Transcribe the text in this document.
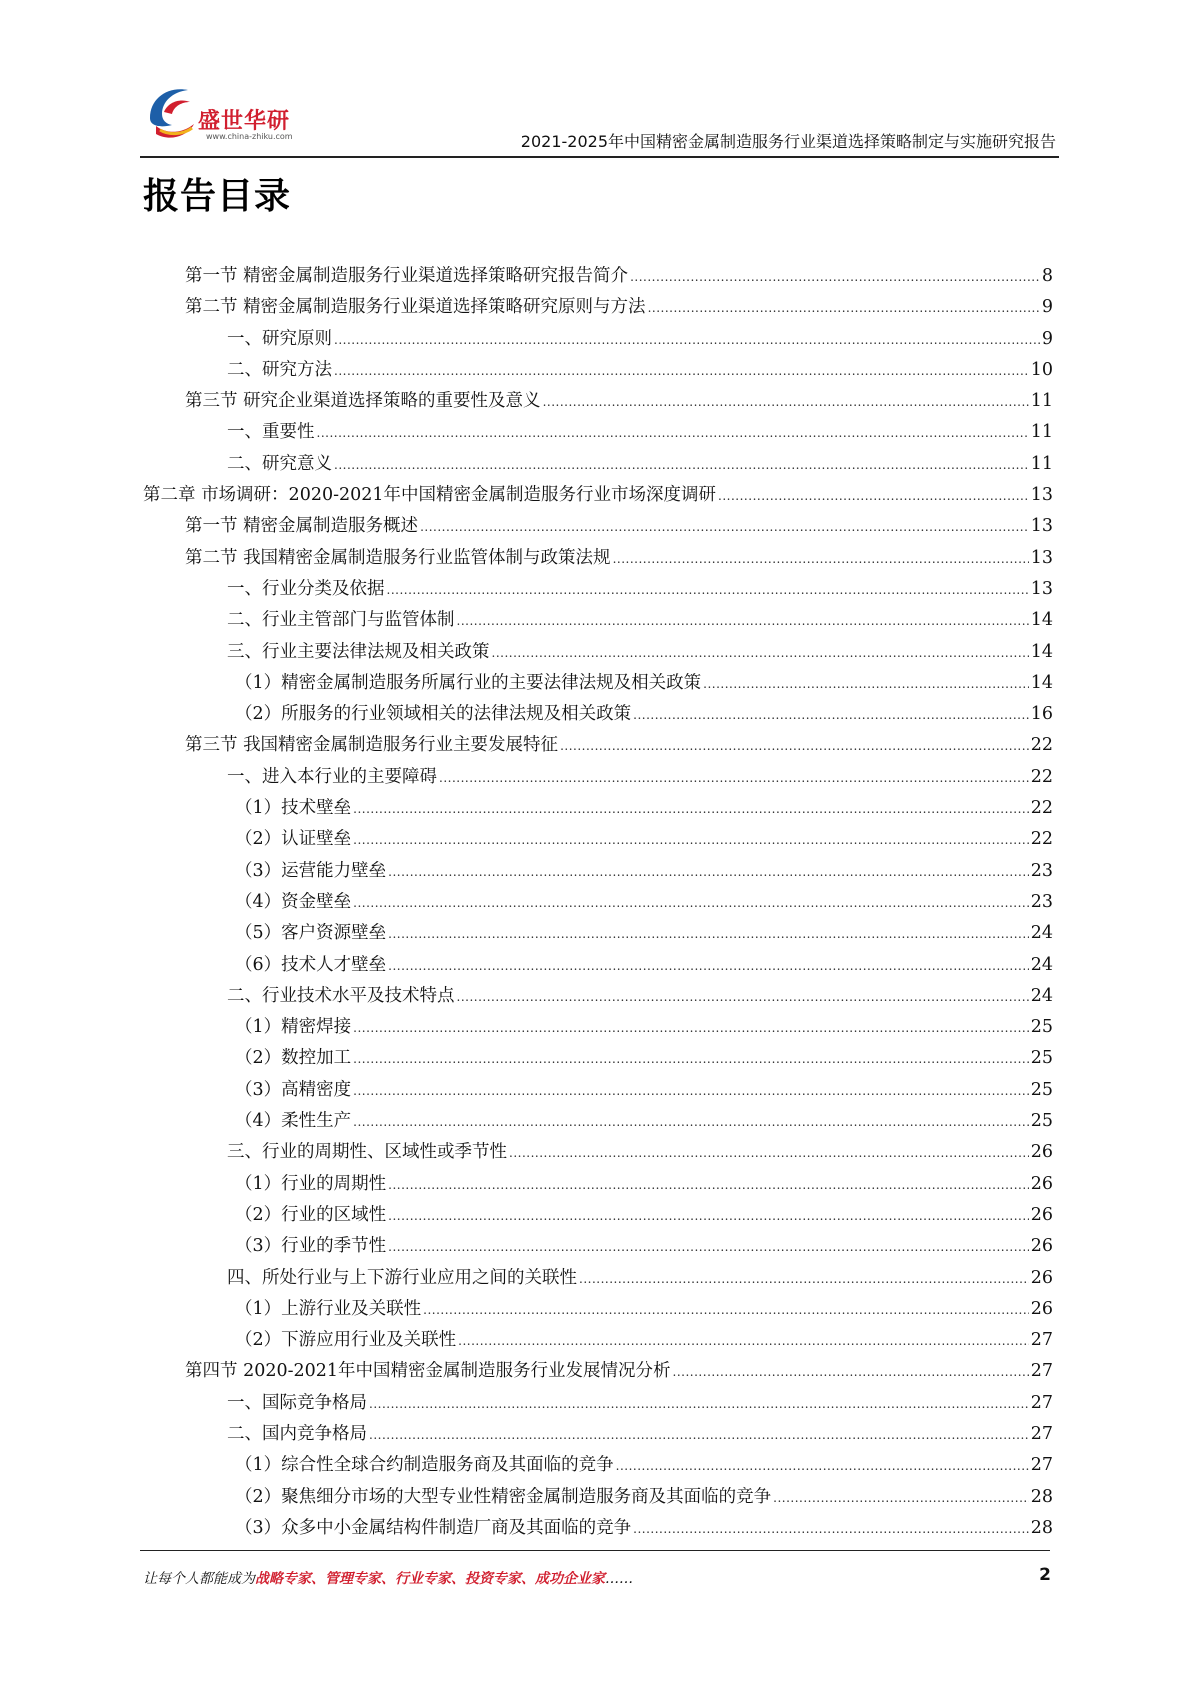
盛世华研
www.china-zhiku.com	2021-2025年中国精密金属制造服务行业渠道选择策略制定与实施研究报告
报告目录
第一节 精密金属制造服务行业渠道选择策略研究报告简介 .....	8
第二节 精密金属制造服务行业渠道选择策略研究原则与方法 .....	9
一、研究原则 .....	9
二、研究方法 .....	10
第三节 研究企业渠道选择策略的重要性及意义 .....	11
一、重要性 .....	11
二、研究意义 .....	11
第二章 市场调研：2020-2021年中国精密金属制造服务行业市场深度调研 .....	13
第一节 精密金属制造服务概述 .....	13
第二节 我国精密金属制造服务行业监管体制与政策法规 .....	13
一、行业分类及依据 .....	13
二、行业主管部门与监管体制 .....	14
三、行业主要法律法规及相关政策 .....	14
（1）精密金属制造服务所属行业的主要法律法规及相关政策 .....	14
（2）所服务的行业领域相关的法律法规及相关政策 .....	16
第三节 我国精密金属制造服务行业主要发展特征 .....	22
一、进入本行业的主要障碍 .....	22
（1）技术壁垒 .....	22
（2）认证壁垒 .....	22
（3）运营能力壁垒 .....	23
（4）资金壁垒 .....	23
（5）客户资源壁垒 .....	24
（6）技术人才壁垒 .....	24
二、行业技术水平及技术特点 .....	24
（1）精密焊接 .....	25
（2）数控加工 .....	25
（3）高精密度 .....	25
（4）柔性生产 .....	25
三、行业的周期性、区域性或季节性 .....	26
（1）行业的周期性 .....	26
（2）行业的区域性 .....	26
（3）行业的季节性 .....	26
四、所处行业与上下游行业应用之间的关联性 .....	26
（1）上游行业及关联性 .....	26
（2）下游应用行业及关联性 .....	27
第四节 2020-2021年中国精密金属制造服务行业发展情况分析 .....	27
一、国际竞争格局 .....	27
二、国内竞争格局 .....	27
（1）综合性全球合约制造服务商及其面临的竞争 .....	27
（2）聚焦细分市场的大型专业性精密金属制造服务商及其面临的竞争 .....	28
（3）众多中小金属结构件制造厂商及其面临的竞争 .....	28
让每个人都能成为战略专家、管理专家、行业专家、投资专家、成功企业家……	2
